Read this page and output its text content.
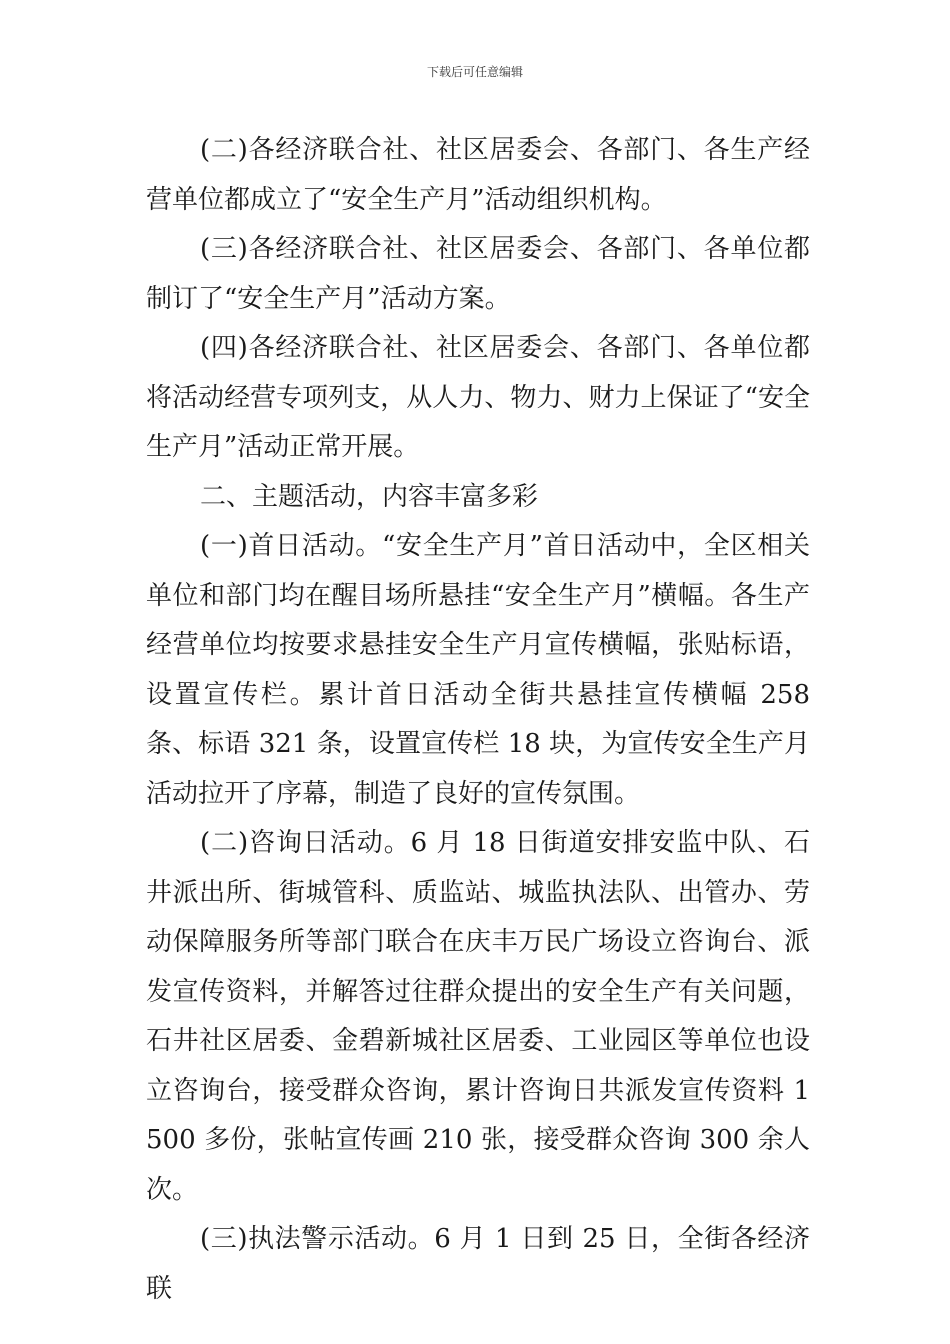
下载后可任意编辑

(二)各经济联合社、社区居委会、各部门、各生产经营单位都成立了“安全生产月”活动组织机构。

(三)各经济联合社、社区居委会、各部门、各单位都制订了“安全生产月”活动方案。

(四)各经济联合社、社区居委会、各部门、各单位都将活动经营专项列支，从人力、物力、财力上保证了“安全生产月”活动正常开展。

二、主题活动，内容丰富多彩

(一)首日活动。“安全生产月”首日活动中，全区相关单位和部门均在醒目场所悬挂“安全生产月”横幅。各生产经营单位均按要求悬挂安全生产月宣传横幅，张贴标语，设置宣传栏。累计首日活动全街共悬挂宣传横幅 258 条、标语 321 条，设置宣传栏 18 块，为宣传安全生产月活动拉开了序幕，制造了良好的宣传氛围。

(二)咨询日活动。6 月 18 日街道安排安监中队、石井派出所、街城管科、质监站、城监执法队、出管办、劳动保障服务所等部门联合在庆丰万民广场设立咨询台、派发宣传资料，并解答过往群众提出的安全生产有关问题，石井社区居委、金碧新城社区居委、工业园区等单位也设立咨询台，接受群众咨询，累计咨询日共派发宣传资料 1500 多份，张帖宣传画 210 张，接受群众咨询 300 余人次。

(三)执法警示活动。6 月 1 日到 25 日，全街各经济联
